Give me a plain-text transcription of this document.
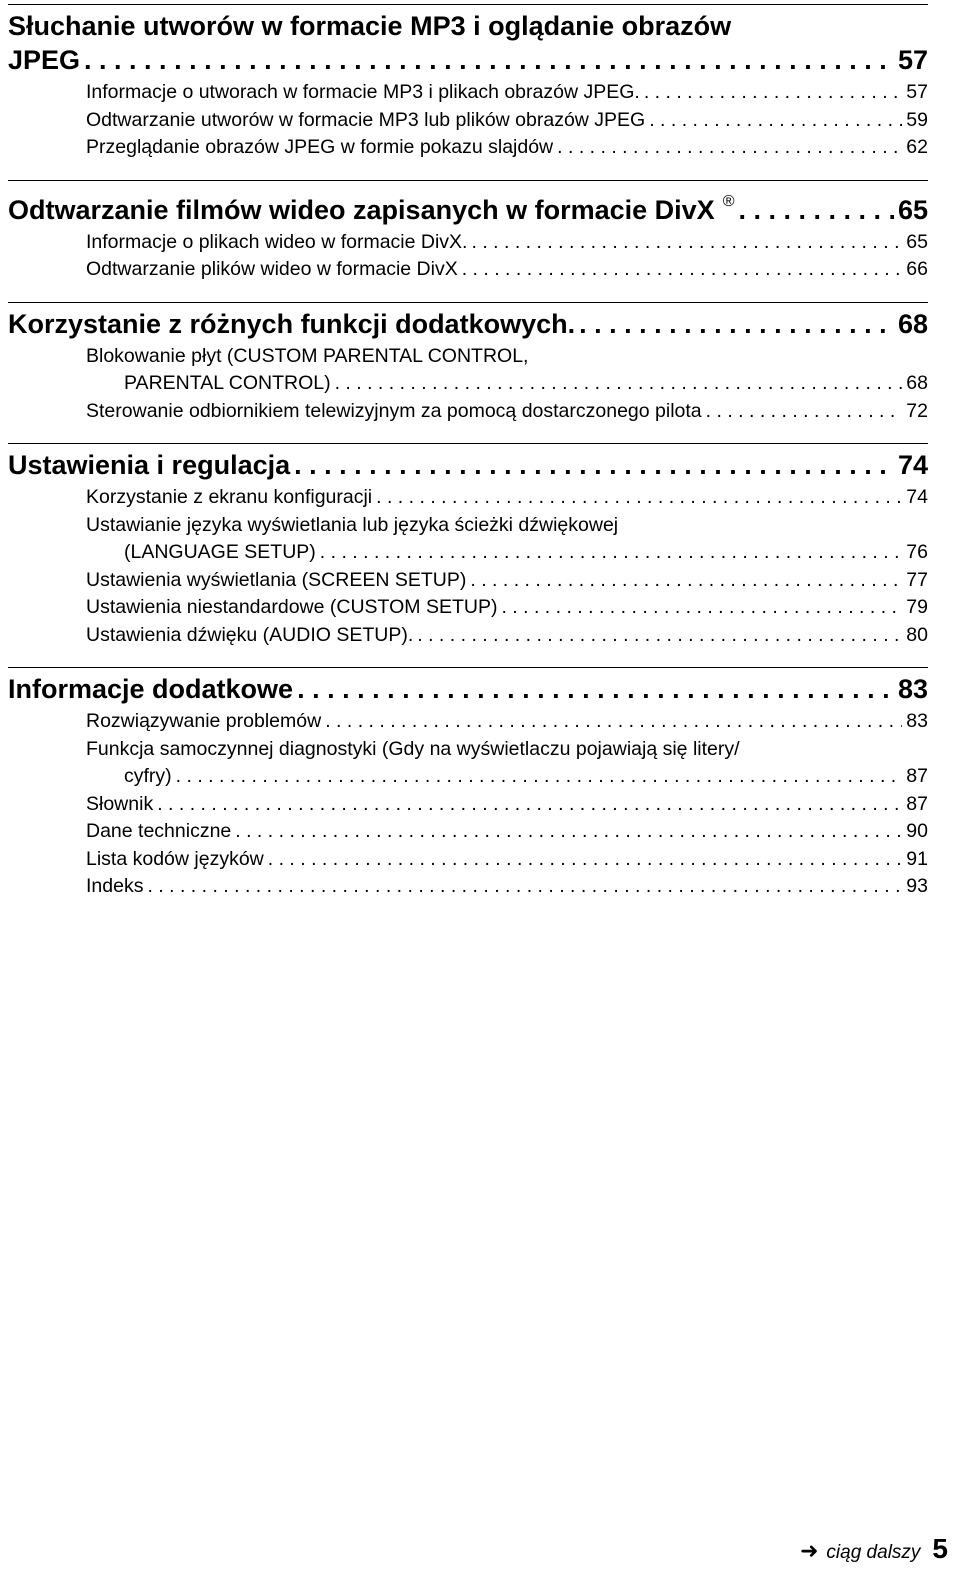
Słuchanie utworów w formacie MP3 i oglądanie obrazów
JPEG . . .	57
Informacje o utworach w formacie MP3 i plikach obrazów JPEG. . . .	57
Odtwarzanie utworów w formacie MP3 lub plików obrazów JPEG . . .	59
Przeglądanie obrazów JPEG w formie pokazu slajdów . . .	62
Odtwarzanie filmów wideo zapisanych w formacie DivX ® . . .	65
Informacje o plikach wideo w formacie DivX. . . .	65
Odtwarzanie plików wideo w formacie DivX . . .	66
Korzystanie z różnych funkcji dodatkowych. . . .	68
Blokowanie płyt (CUSTOM PARENTAL CONTROL,
PARENTAL CONTROL) . . .	68
Sterowanie odbiornikiem telewizyjnym za pomocą dostarczonego pilota . . .	72
Ustawienia i regulacja . . .	74
Korzystanie z ekranu konfiguracji . . .	74
Ustawianie języka wyświetlania lub języka ścieżki dźwiękowej
(LANGUAGE SETUP) . . .	76
Ustawienia wyświetlania (SCREEN SETUP) . . .	77
Ustawienia niestandardowe (CUSTOM SETUP) . . .	79
Ustawienia dźwięku (AUDIO SETUP). . . .	80
Informacje dodatkowe . . .	83
Rozwiązywanie problemów . . .	83
Funkcja samoczynnej diagnostyki (Gdy na wyświetlaczu pojawiają się litery/
cyfry) . . .	87
Słownik . . .	87
Dane techniczne . . .	90
Lista kodów języków . . .	91
Indeks . . .	93
➜ ciąg dalszy 5
